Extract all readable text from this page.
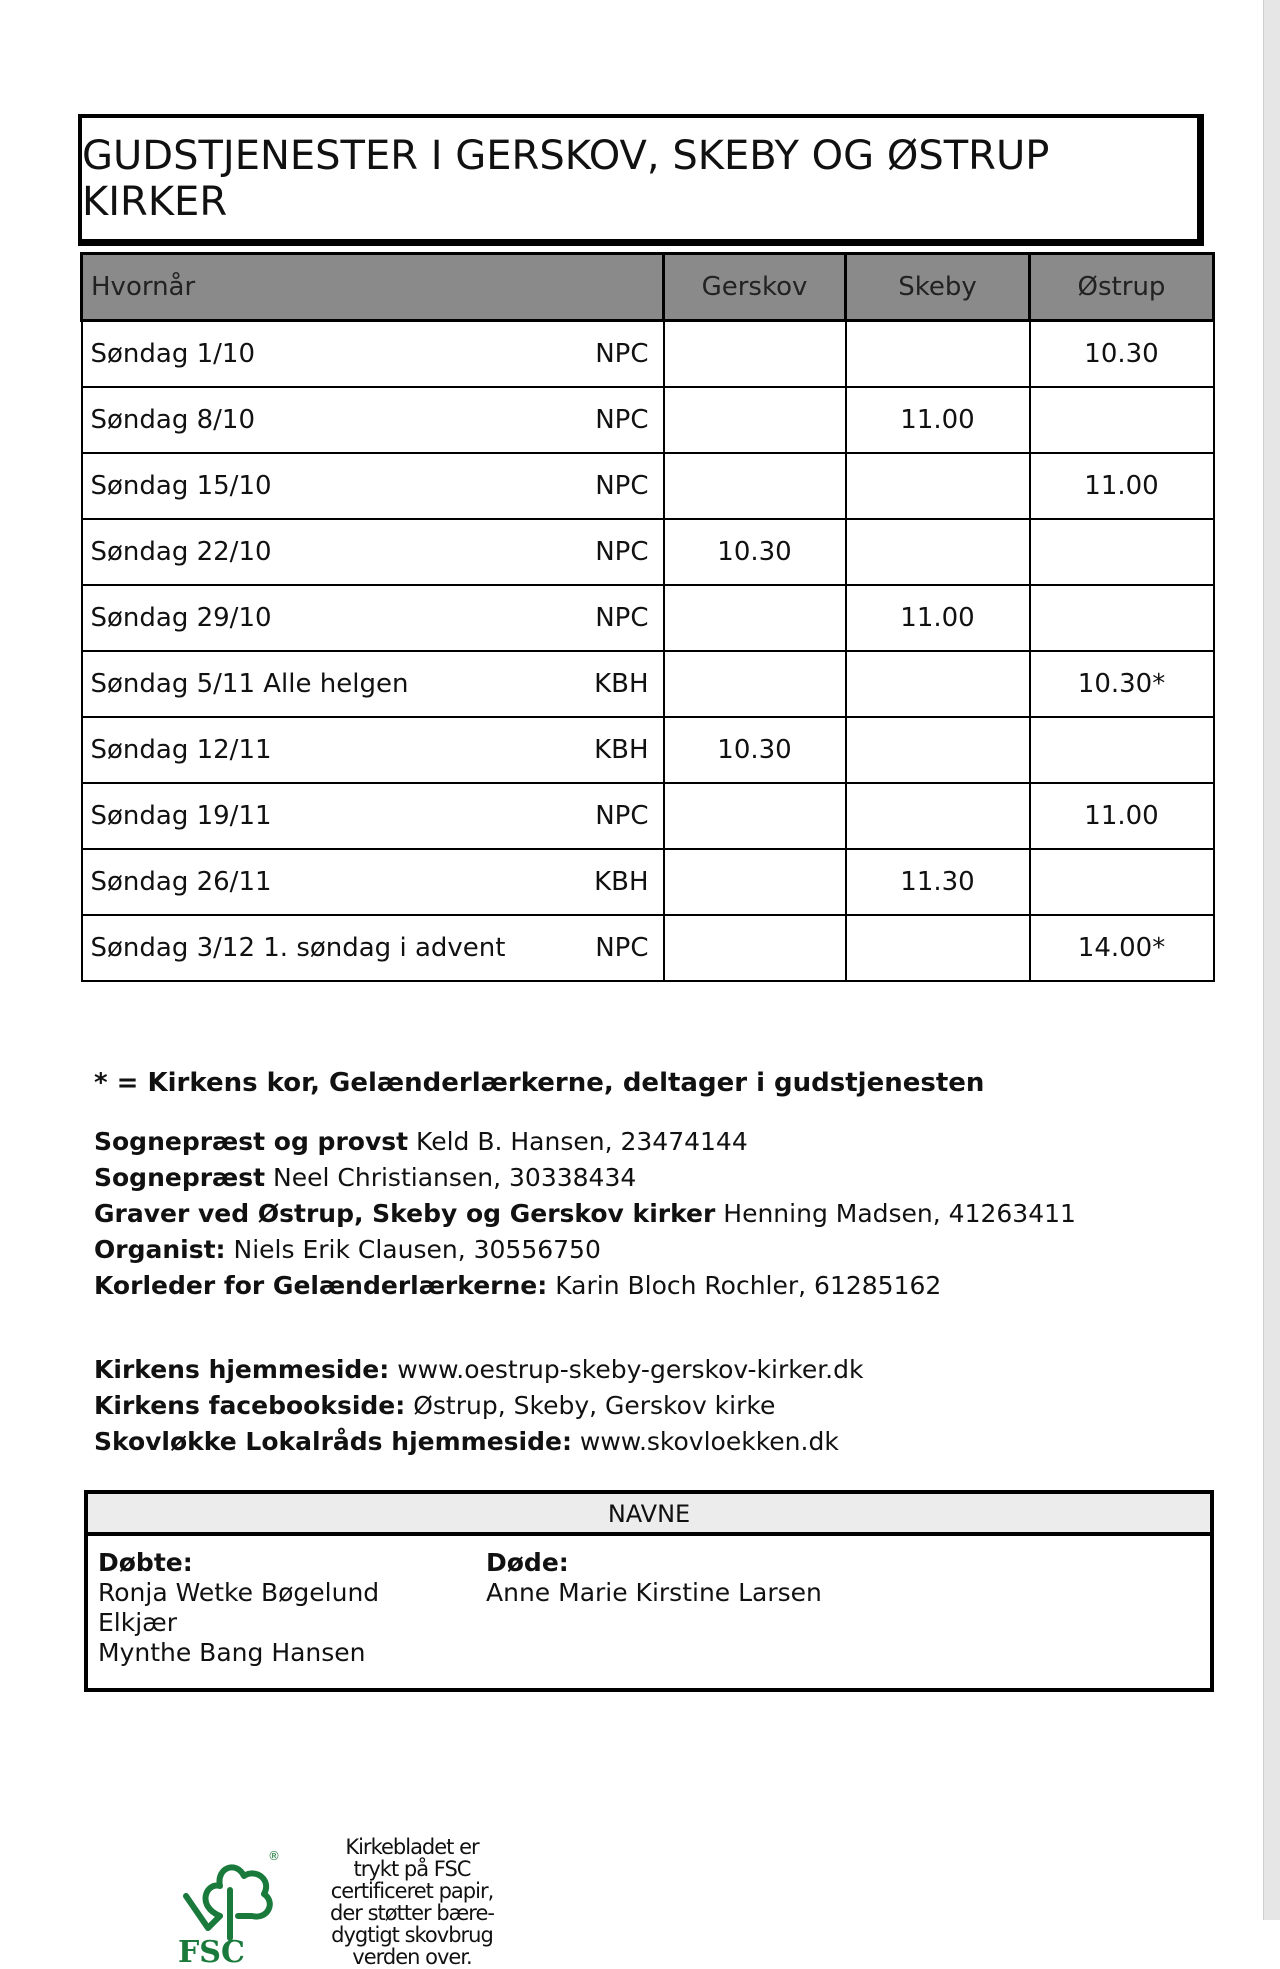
GUDSTJENESTER I GERSKOV, SKEBY OG ØSTRUP KIRKER
Hvornår	Gerskov	Skeby	Østrup

Søndag 1/10 NPC			10.30

Søndag 8/10 NPC		11.00	

Søndag 15/10 NPC			11.00

Søndag 22/10 NPC	10.30		

Søndag 29/10 NPC		11.00	

Søndag 5/11 Alle helgen KBH			10.30*

Søndag 12/11 KBH	10.30		

Søndag 19/11 NPC			11.00

Søndag 26/11 KBH		11.30	

Søndag 3/12 1. søndag i advent NPC			14.00*
* = Kirkens kor, Gelænderlærkerne, deltager i gudstjenesten
Sognepræst og provst Keld B. Hansen, 23474144
Sognepræst Neel Christiansen, 30338434
Graver ved Østrup, Skeby og Gerskov kirker Henning Madsen, 41263411
Organist: Niels Erik Clausen, 30556750
Korleder for Gelænderlærkerne: Karin Bloch Rochler, 61285162
Kirkens hjemmeside: www.oestrup-skeby-gerskov-kirker.dk
Kirkens facebookside: Østrup, Skeby, Gerskov kirke
Skovløkke Lokalråds hjemmeside: www.skovloekken.dk
NAVNE
Døbte:
Ronja Wetke Bøgelund
Elkjær
Mynthe Bang Hansen
Døde:
Anne Marie Kirstine Larsen
FSC
®	Kirkebladet er
trykt på FSC
certificeret papir,
der støtter bære-
dygtigt skovbrug
verden over.
